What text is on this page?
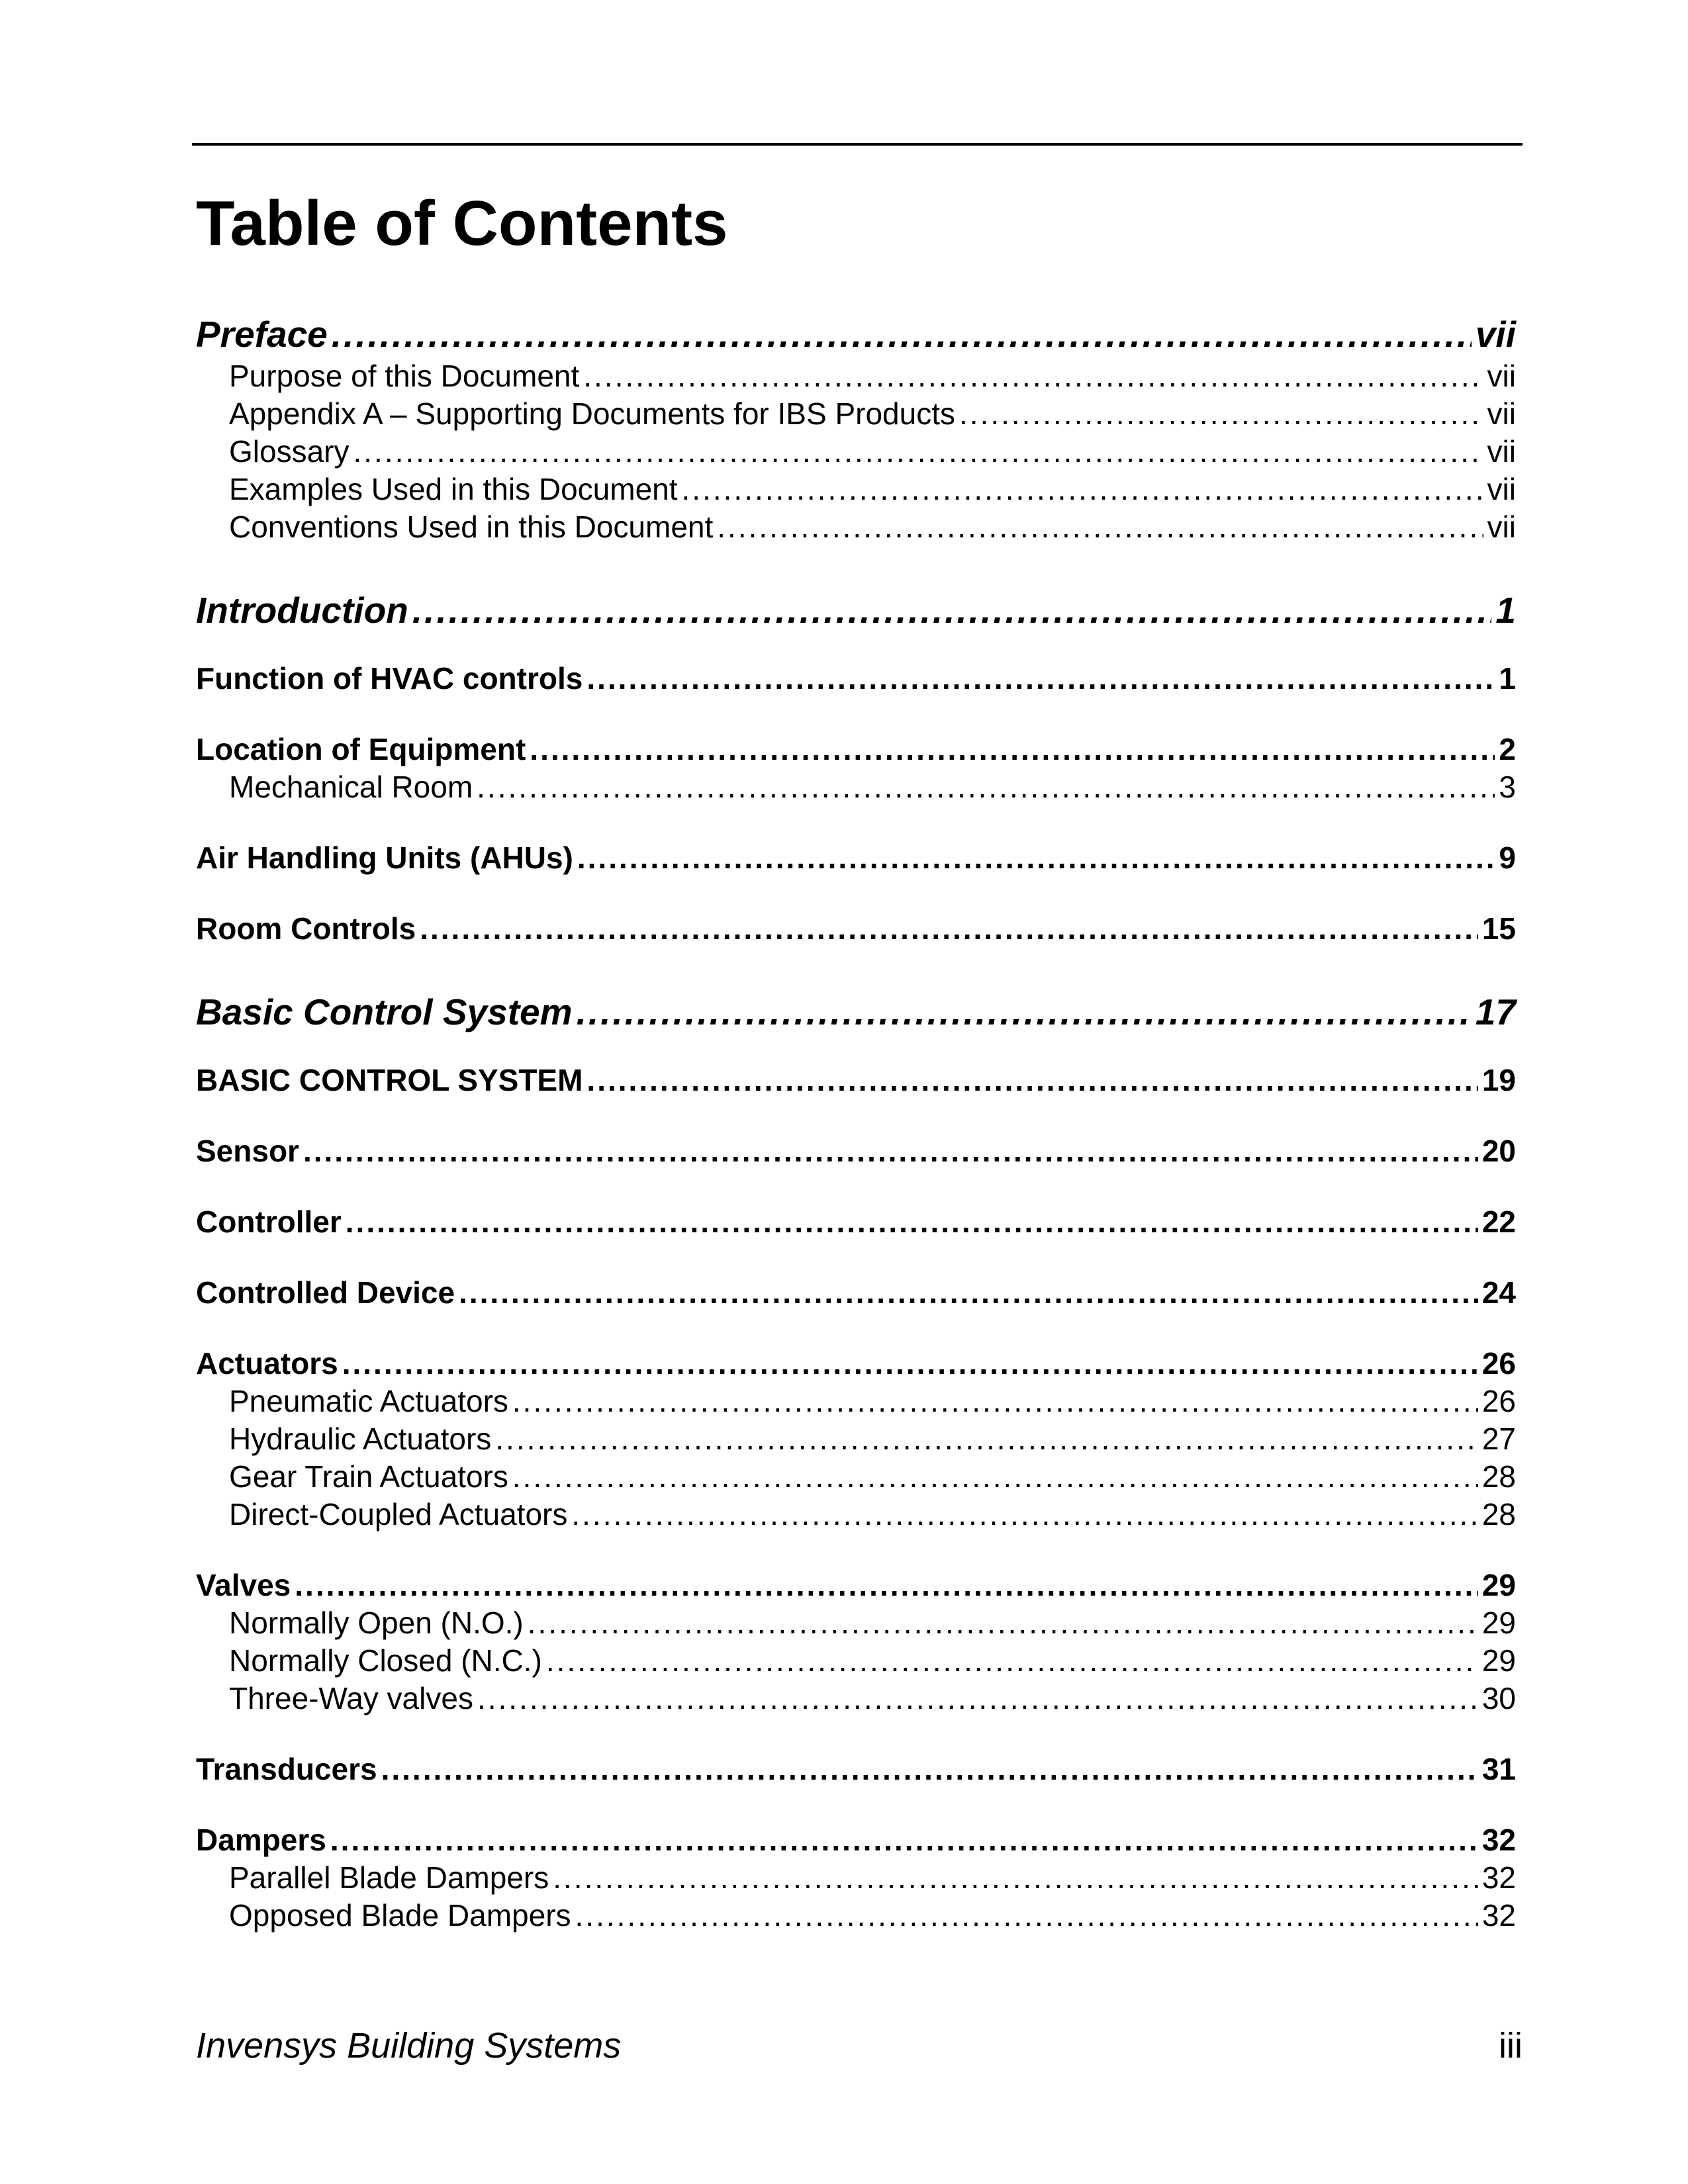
Table of Contents
Preface .....	vii
Purpose of this Document .....	vii
Appendix A – Supporting Documents for IBS Products .....	vii
Glossary .....	vii
Examples Used in this Document .....	vii
Conventions Used in this Document .....	vii
Introduction .....	1
Function of HVAC controls .....	1
Location of Equipment .....	2
Mechanical Room .....	3
Air Handling Units (AHUs) .....	9
Room Controls .....	15
Basic Control System .....	17
BASIC CONTROL SYSTEM .....	19
Sensor .....	20
Controller .....	22
Controlled Device .....	24
Actuators .....	26
Pneumatic Actuators .....	26
Hydraulic Actuators .....	27
Gear Train Actuators .....	28
Direct-Coupled Actuators .....	28
Valves .....	29
Normally Open (N.O.) .....	29
Normally Closed (N.C.) .....	29
Three-Way valves .....	30
Transducers .....	31
Dampers .....	32
Parallel Blade Dampers .....	32
Opposed Blade Dampers .....	32
Invensys Building Systems	iii
